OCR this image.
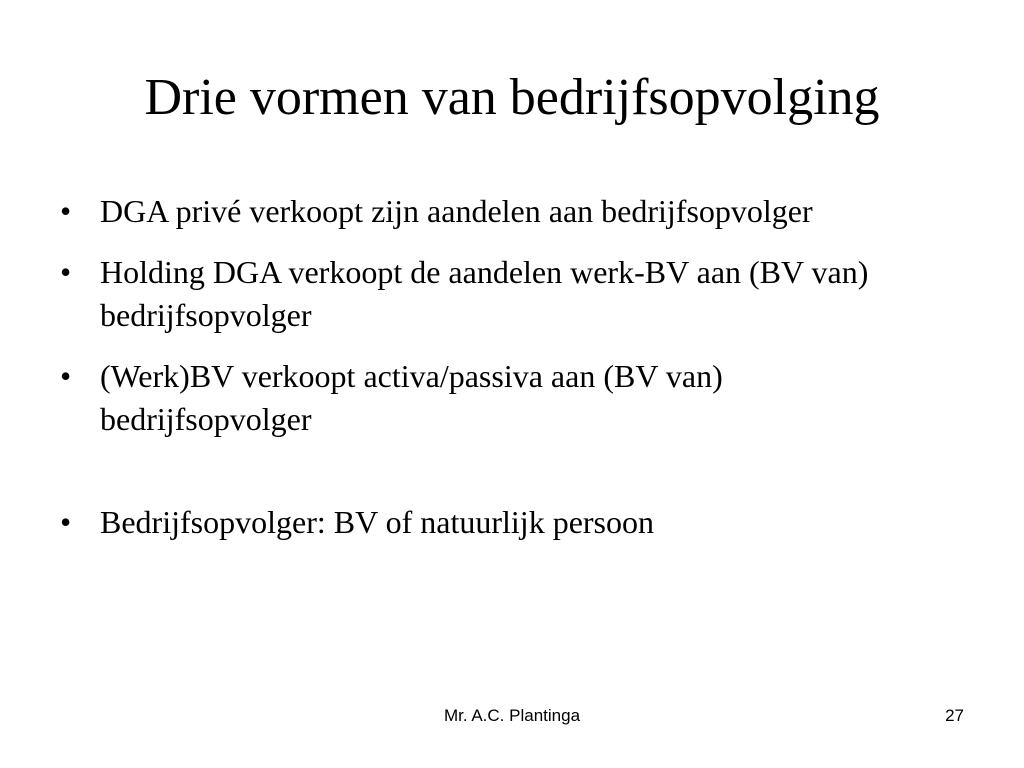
Drie vormen van bedrijfsopvolging
• DGA privé verkoopt zijn aandelen aan bedrijfsopvolger
• Holding DGA verkoopt de aandelen werk-BV aan (BV van) bedrijfsopvolger
• (Werk)BV verkoopt activa/passiva aan (BV van) bedrijfsopvolger
• Bedrijfsopvolger: BV of natuurlijk persoon
Mr. A.C. Plantinga	27
